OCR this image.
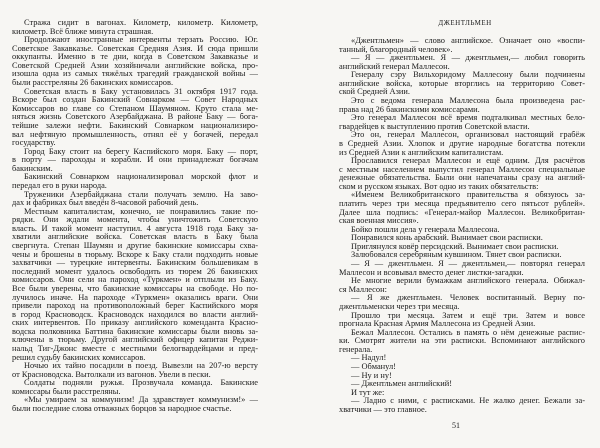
Стража сидит в вагонах. Километр, километр. Километр,
километр. Всё ближе минута страшная.
Продолжают иностранные интервенты терзать Россию. Юг.
Советское Закавказье. Советская Средняя Азия. И сюда пришли
оккупанты. Именно в те дни, когда в Советском Закавказье и
Советской Средней Азии хозяйничали английские войска, про-
изошла одна из самых тяжёлых трагедий гражданской войны —
были расстреляны 26 бакинских комиссаров.
Советская власть в Баку установилась 31 октября 1917 года.
Вскоре был создан Бакинский Совнарком — Совет Народных
Комиссаров во главе со Степаном Шаумяном. Круто стала ме-
няться жизнь Советского Азербайджана. В районе Баку — бога-
тейшие залежи нефти. Бакинский Совнарком национализиро-
вал нефтяную промышленность, отнял её у богачей, передал
государству.
Город Баку стоит на берегу Каспийского моря. Баку — порт,
в порту — пароходы и корабли. И они принадлежат богачам
бакинским.
Бакинский Совнарком национализировал морской флот и
передал его в руки народа.
Труженики Азербайджана стали получать землю. На заво-
дах и фабриках был введён 8-часовой рабочий день.
Местным капиталистам, конечно, не понравились такие по-
рядки. Они ждали момента, чтобы уничтожить Советскую
власть. И такой момент наступил. 4 августа 1918 года Баку за-
хватили английские войска. Советская власть в Баку была
свергнута. Степан Шаумян и другие бакинские комиссары схва-
чены и брошены в тюрьму. Вскоре к Баку стали подходить новые
захватчики — турецкие интервенты. Бакинским большевикам в
последний момент удалось освободить из тюрем 26 бакинских
комиссаров. Они сели на пароход «Туркмен» и отплыли из Баку.
Все были уверены, что бакинские комиссары на свободе. Но по-
лучилось иначе. На пароходе «Туркмен» оказались враги. Они
привели пароход на противоположный берег Каспийского моря
в город Красноводск. Красноводск находился во власти англий-
ских интервентов. По приказу английского коменданта Красно-
водска полковника Баттина бакинские комиссары были вновь за-
ключены в тюрьму. Другой английский офицер капитан Реджи-
нальд Тиг-Джонс вместе с местными белогвардейцами и пред-
решил судьбу бакинских комиссаров.
Ночью их тайно посадили в поезд. Вывезли на 207-ю версту
от Красноводска. Вытолкали из вагонов. Увели в пески.
Солдаты подняли ружья. Прозвучала команда. Бакинские
комиссары были расстреляны.
«Мы умираем за коммунизм! Да здравствует коммунизм!» —
были последние слова отважных борцов за народное счастье.
ДЖЕНТЛЬМЕН
«Джентльмен» — слово английское. Означает оно «воспи-
танный, благородный человек».
— Я — джентльмен. Я — джентльмен,— любил говорить
английский генерал Маллесон.
Генералу сэру Вильхоридому Маллесону были подчинены
английские войска, которые вторглись на территорию Совет-
ской Средней Азии.
Это с ведома генерала Маллесона была произведена рас-
права над 26 бакинскими комиссарами.
Это генерал Маллесон всё время подталкивал местных бело-
гвардейцев к выступлению против Советской власти.
Это он, генерал Маллесон, организовал настоящий грабёж
в Средней Азии. Хлопок и другие народные богатства потекли
из Средней Азии к английским капиталистам.
Прославился генерал Маллесон и ещё одним. Для расчётов
с местным населением выпустил генерал Маллесон специальные
денежные обязательства. Были они напечатаны сразу на англий-
ском и русском языках. Вот одно из таких обязательств:
«Именем Великобританского правительства я обязуюсь за-
платить через три месяца предъявителю сего пятьсот рублей».
Далее шла подпись: «Генерал-майор Маллесон. Великобритан-
ская военная миссия».
Бойко пошли дела у генерала Маллесона.
Понравился конь арабский. Вынимает свои расписки.
Приглянулся ковёр персидский. Вынимает свои расписки.
Залюбовался серебряным кувшином. Тянет свои расписки.
— Я — джентльмен. Я — джентльмен,— повторял генерал
Маллесон и всовывал вместо денег листки-загадки.
Не многие верили бумажкам английского генерала. Обижал-
ся Маллесон:
— Я же джентльмен. Человек воспитанный. Верну по-
джентльменски через три месяца.
Прошло три месяца. Затем и ещё три. Затем и вовсе
прогнала Красная Армия Маллесона из Средней Азии.
Бежал Маллесон. Остались в память о нём денежные распис-
ки. Смотрят жители на эти расписки. Вспоминают английского
генерала.
— Надул!
— Обманул!
— Ну и ну!
— Джентльмен английский!
И тут же:
— Ладно с ними, с расписками. Не жалко денег. Бежали за-
хватчики — это главное.
51
